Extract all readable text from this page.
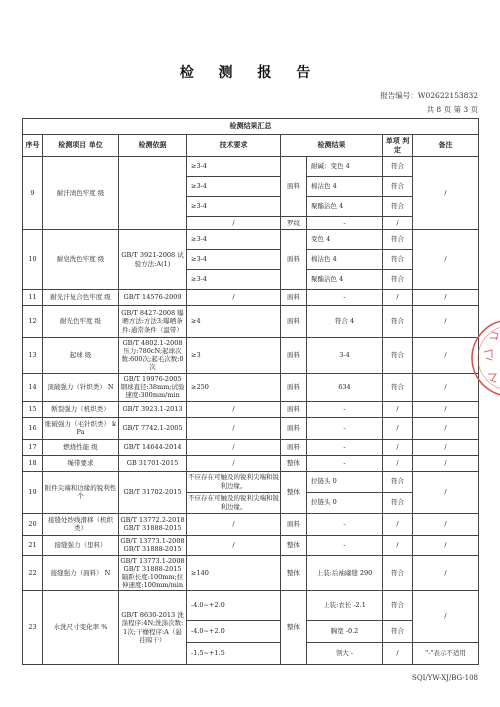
检 测 报 告
报告编号：W02622153832
共 8 页 第 3 页
检测结果汇总							
序号	检测项目 单位	检测依据	技术要求	检测结果		单项 判定	备注
9	耐汗渍色牢度 级		≥3-4	面料	耐碱：变色 4	符合	/
			≥3-4		棉沾色 4	符合	
			≥3-4		聚酯沾色 4	符合	
			/	罗纹	-	/	
10	耐皂洗色牢度 级	GB/T 3921-2008 试验方法:A(1)	≥3-4	面料	变色 4	符合	/
			≥3-4		棉沾色 4	符合	
			≥3-4		聚酯沾色 4	符合	
11	耐光汗复合色牢度 级	GB/T 14576-2009	/	面料	-	/	/
12	耐光色牢度 级	GB/T 8427-2008 曝晒方法:方法3;曝晒条件:通常条件（温带）	≥4	面料	符合 4	符合	/
13	起球 级	GB/T 4802.1-2008 压力:780cN;起球次数:600次;起毛次数:0次	≥3	面料	3-4	符合	/
14	顶破强力（针织类） N	GB/T 19976-2005 钢球直径:38mm;试验速度:300mm/min	≥250	面料	634	符合	/
15	断裂强力（机织类）	GB/T 3923.1-2013	/	面料	-	/	/
16	胀破强力（毛针织类） kPa	GB/T 7742.1-2005	/	面料	-	/	/
17	燃烧性能 级	GB/T 14644-2014	/	面料	-	/	/
18	绳带要求	GB 31701-2015	/	整体	-	/	/
19	附件尖端和边缘的锐利性 个	GB/T 31702-2015	不应存在可触及的锐利尖端和锐利边缘。	整体	拉链头 0	符合	/
			不应存在可触及的锐利尖端和锐利边缘。		拉链头 0	符合	
20	接缝处纱线滑移（机织类）	GB/T 13772.2-2018 GB/T 31888-2015	/	面料	-	/	/
21	接缝强力（里料）	GB/T 13773.1-2008 GB/T 31888-2015	/	整体	-	/	/
22	接缝强力（面料） N	GB/T 13773.1-2008 GB/T 31888-2015 隔距长度:100mm;拉伸速度:100mm/min	≥140	整体	上装:后袖窿缝 290	符合	/
23	水洗尺寸变化率 %	GB/T 8630-2013 洗涤程序:4N;洗涤次数:1次;干燥程序:A（悬挂晾干）	-4.0~+2.0	整体	上装:衣长 -2.1	符合	/
			-4.0~+2.0		胸宽 -0.2	符合	
			-1.5~+1.5		领大 -	/	"-"表示不适用
SQI/YW-XJ/BG-108
